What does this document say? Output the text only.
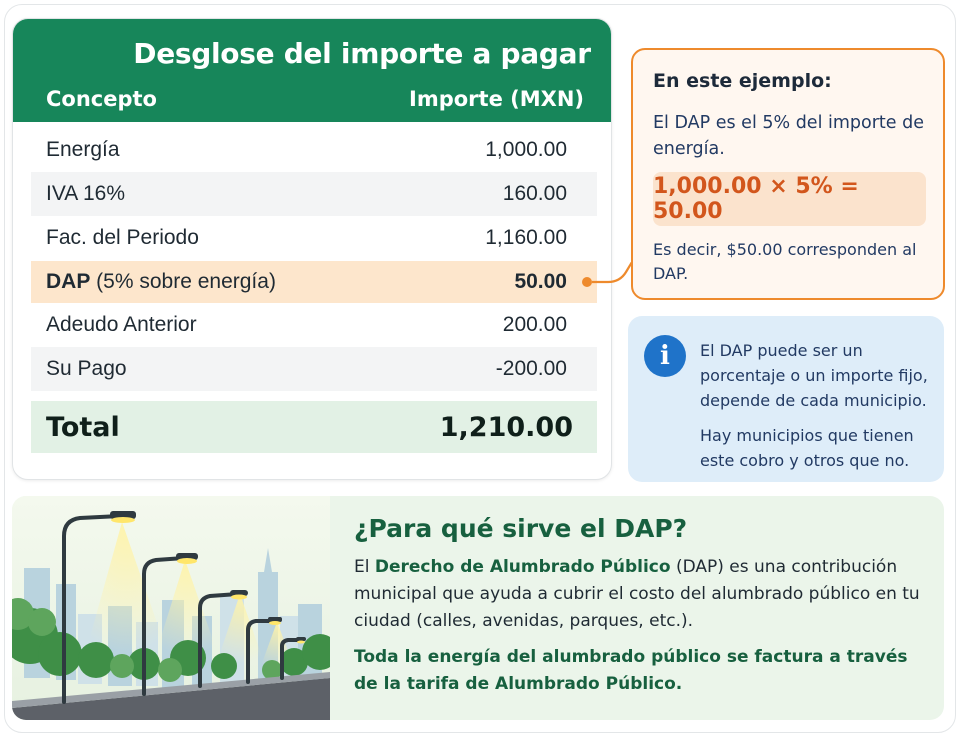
Desglose del importe a pagar
Concepto	Importe (MXN)
Energía	1,000.00
IVA 16%	160.00
Fac. del Periodo	1,160.00
DAP (5% sobre energía)	50.00
Adeudo Anterior	200.00
Su Pago	-200.00
Total	1,210.00
En este ejemplo:
El DAP es el 5% del importe de energía.
1,000.00 × 5% = 50.00
Es decir, $50.00 corresponden al DAP.
i	El DAP puede ser un porcentaje o un importe fijo, depende de cada municipio.
Hay municipios que tienen este cobro y otros que no.
¿Para qué sirve el DAP?
El Derecho de Alumbrado Público (DAP) es una contribución municipal que ayuda a cubrir el costo del alumbrado público en tu ciudad (calles, avenidas, parques, etc.).
Toda la energía del alumbrado público se factura a través de la tarifa de Alumbrado Público.
